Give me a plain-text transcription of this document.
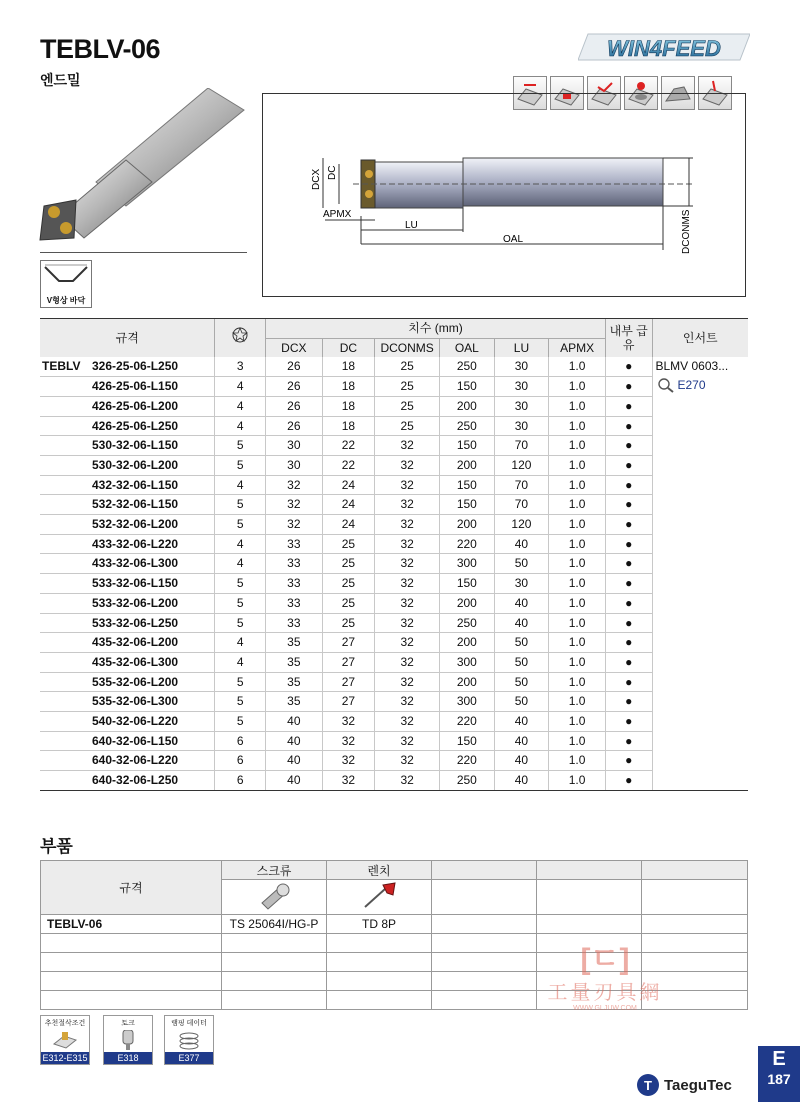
TEBLV-06
엔드밀
WIN4FEED
V형상 바닥
DCX DC
APMX
LU
OAL	DCONMS
규격		치수 (mm)						내부 급유	인서트
		DCX	DC	DCONMS	OAL	LU	APMX		
TEBLV 326-25-06-L250	3	26	18	25	250	30	1.0	●	BLMV 0603...
E270

426-25-06-L150	4	26	18	25	150	30	1.0	●	
426-25-06-L200	4	26	18	25	200	30	1.0	●	
426-25-06-L250	4	26	18	25	250	30	1.0	●	
530-32-06-L150	5	30	22	32	150	70	1.0	●	
530-32-06-L200	5	30	22	32	200	120	1.0	●	
432-32-06-L150	4	32	24	32	150	70	1.0	●	
532-32-06-L150	5	32	24	32	150	70	1.0	●	
532-32-06-L200	5	32	24	32	200	120	1.0	●	
433-32-06-L220	4	33	25	32	220	40	1.0	●	
433-32-06-L300	4	33	25	32	300	50	1.0	●	
533-32-06-L150	5	33	25	32	150	30	1.0	●	
533-32-06-L200	5	33	25	32	200	40	1.0	●	
533-32-06-L250	5	33	25	32	250	40	1.0	●	
435-32-06-L200	4	35	27	32	200	50	1.0	●	
435-32-06-L300	4	35	27	32	300	50	1.0	●	
535-32-06-L200	5	35	27	32	200	50	1.0	●	
535-32-06-L300	5	35	27	32	300	50	1.0	●	
540-32-06-L220	5	40	32	32	220	40	1.0	●	
640-32-06-L150	6	40	32	32	150	40	1.0	●	
640-32-06-L220	6	40	32	32	220	40	1.0	●	
640-32-06-L250	6	40	32	32	250	40	1.0	●	
부품
규격	스크류	렌치			

TEBLV-06	TS 25064I/HG-P	TD 8P			

[ㄷ]
工量刃具網
WWW.GLJUW.COM
추천절삭조건
E312-E315
토크
E318
램핑 데이터
E377
T TaeguTec
E
187
